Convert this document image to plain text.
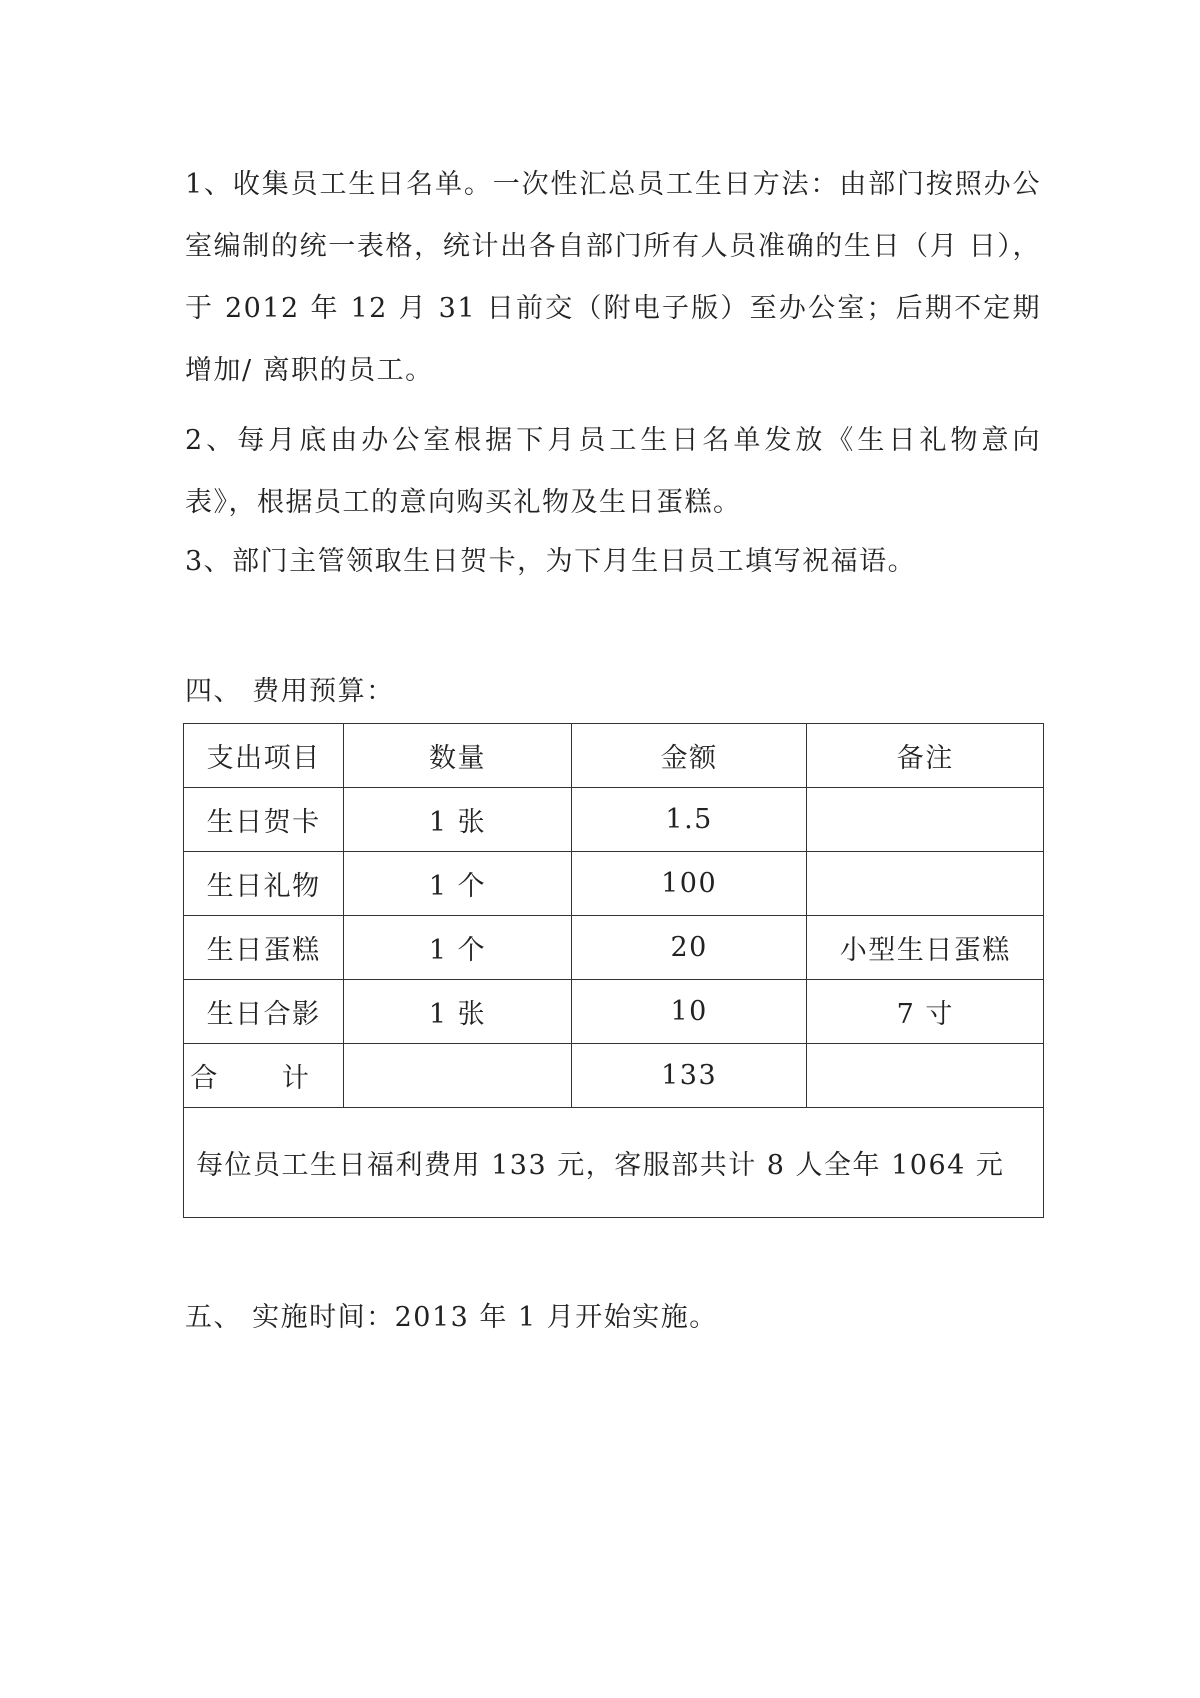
1、收集员工生日名单。一次性汇总员工生日方法：由部门按照办公室编制的统一表格，统计出各自部门所有人员准确的生日（月 日），于 2012 年 12 月 31 日前交（附电子版）至办公室；后期不定期增加/ 离职的员工。
2、每月底由办公室根据下月员工生日名单发放《生日礼物意向表》，根据员工的意向购买礼物及生日蛋糕。
3、部门主管领取生日贺卡，为下月生日员工填写祝福语。
四、 费用预算：
支出项目	数量	金额	备注
生日贺卡	1 张	1.5	
生日礼物	1 个	100	
生日蛋糕	1 个	20	小型生日蛋糕
生日合影	1 张	10	7 寸
合 计		133	
每位员工生日福利费用 133 元，客服部共计 8 人全年 1064 元			
五、 实施时间：2013 年 1 月开始实施。
